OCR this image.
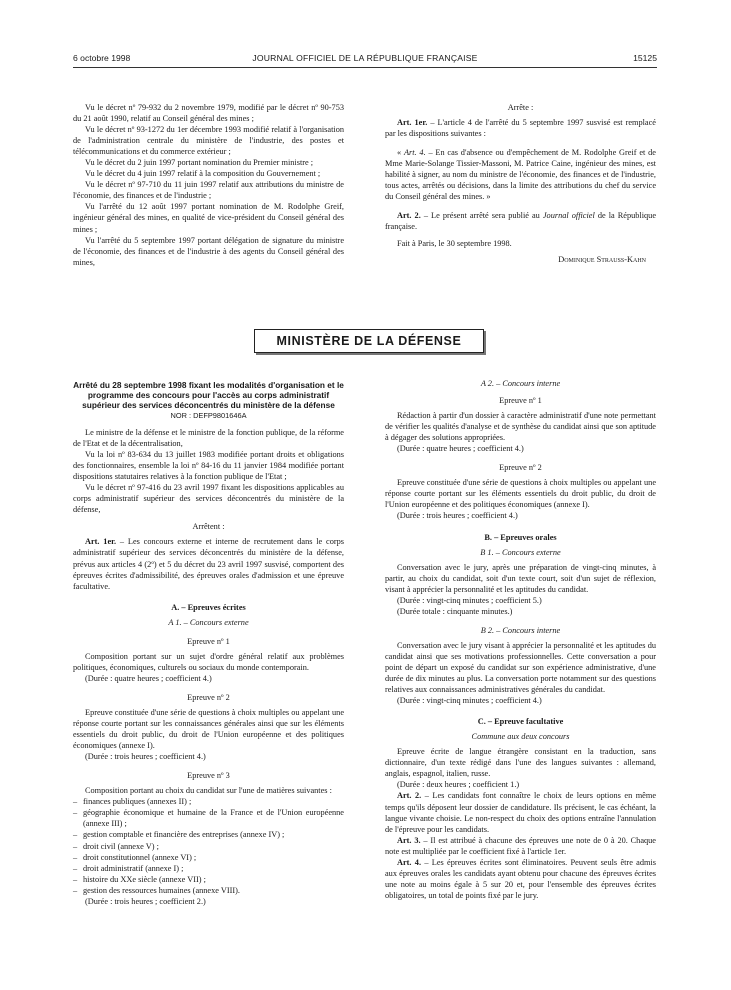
6 octobre 1998	JOURNAL OFFICIEL DE LA RÉPUBLIQUE FRANÇAISE	15125

Vu le décret nº 79-932 du 2 novembre 1979, modifié par le décret nº 90-753 du 21 août 1990, relatif au Conseil général des mines ;

Vu le décret nº 93-1272 du 1er décembre 1993 modifié relatif à l'organisation de l'administration centrale du ministère de l'industrie, des postes et télécommunications et du commerce extérieur ;

Vu le décret du 2 juin 1997 portant nomination du Premier ministre ;

Vu le décret du 4 juin 1997 relatif à la composition du Gouvernement ;

Vu le décret nº 97-710 du 11 juin 1997 relatif aux attributions du ministre de l'économie, des finances et de l'industrie ;

Vu l'arrêté du 12 août 1997 portant nomination de M. Rodolphe Greif, ingénieur général des mines, en qualité de vice-président du Conseil général des mines ;

Vu l'arrêté du 5 septembre 1997 portant délégation de signature du ministre de l'économie, des finances et de l'industrie à des agents du Conseil général des mines,

Arrête :

Art. 1er. – L'article 4 de l'arrêté du 5 septembre 1997 susvisé est remplacé par les dispositions suivantes :

« Art. 4. – En cas d'absence ou d'empêchement de M. Rodolphe Greif et de Mme Marie-Solange Tissier-Massoni, M. Patrice Caine, ingénieur des mines, est habilité à signer, au nom du ministre de l'économie, des finances et de l'industrie, tous actes, arrêtés ou décisions, dans la limite des attributions du chef du service du Conseil général des mines. »

Art. 2. – Le présent arrêté sera publié au Journal officiel de la République française.

Fait à Paris, le 30 septembre 1998.

Dominique Strauss-Kahn

MINISTÈRE DE LA DÉFENSE
Arrêté du 28 septembre 1998 fixant les modalités d'organisation et le programme des concours pour l'accès au corps administratif supérieur des services déconcentrés du ministère de la défense
NOR : DEFP9801646A

Le ministre de la défense et le ministre de la fonction publique, de la réforme de l'Etat et de la décentralisation,

Vu la loi nº 83-634 du 13 juillet 1983 modifiée portant droits et obligations des fonctionnaires, ensemble la loi nº 84-16 du 11 janvier 1984 modifiée portant dispositions statutaires relatives à la fonction publique de l'Etat ;

Vu le décret nº 97-416 du 23 avril 1997 fixant les dispositions applicables au corps administratif supérieur des services déconcentrés du ministère de la défense,

Arrêtent :

Art. 1er. – Les concours externe et interne de recrutement dans le corps administratif supérieur des services déconcentrés du ministère de la défense, prévus aux articles 4 (2º) et 5 du décret du 23 avril 1997 susvisé, comportent des épreuves écrites d'admissibilité, des épreuves orales d'admission et une épreuve facultative.

A. – Epreuves écrites

A 1. – Concours externe

Epreuve nº 1

Composition portant sur un sujet d'ordre général relatif aux problèmes politiques, économiques, culturels ou sociaux du monde contemporain.

(Durée : quatre heures ; coefficient 4.)

Epreuve nº 2

Epreuve constituée d'une série de questions à choix multiples ou appelant une réponse courte portant sur les connaissances générales ainsi que sur les éléments essentiels du droit public, du droit de l'Union européenne et des politiques économiques (annexe I).

(Durée : trois heures ; coefficient 4.)

Epreuve nº 3

Composition portant au choix du candidat sur l'une de matières suivantes :

– finances publiques (annexes II) ;
– géographie économique et humaine de la France et de l'Union européenne (annexe III) ;
– gestion comptable et financière des entreprises (annexe IV) ;
– droit civil (annexe V) ;
– droit constitutionnel (annexe VI) ;
– droit administratif (annexe I) ;
– histoire du XXe siècle (annexe VII) ;
– gestion des ressources humaines (annexe VIII).

(Durée : trois heures ; coefficient 2.)

A 2. – Concours interne

Epreuve nº 1

Rédaction à partir d'un dossier à caractère administratif d'une note permettant de vérifier les qualités d'analyse et de synthèse du candidat ainsi que son aptitude à dégager des solutions appropriées.

(Durée : quatre heures ; coefficient 4.)

Epreuve nº 2

Epreuve constituée d'une série de questions à choix multiples ou appelant une réponse courte portant sur les éléments essentiels du droit public, du droit de l'Union européenne et des politiques économiques (annexe I).

(Durée : trois heures ; coefficient 4.)

B. – Epreuves orales

B 1. – Concours externe

Conversation avec le jury, après une préparation de vingt-cinq minutes, à partir, au choix du candidat, soit d'un texte court, soit d'un sujet de réflexion, visant à apprécier la personnalité et les aptitudes du candidat.

(Durée : vingt-cinq minutes ; coefficient 5.)

(Durée totale : cinquante minutes.)

B 2. – Concours interne

Conversation avec le jury visant à apprécier la personnalité et les aptitudes du candidat ainsi que ses motivations professionnelles. Cette conversation a pour point de départ un exposé du candidat sur son expérience administrative, d'une durée de dix minutes au plus. La conversation porte notamment sur des questions relatives aux connaissances administratives générales du candidat.

(Durée : vingt-cinq minutes ; coefficient 4.)

C. – Epreuve facultative

Commune aux deux concours

Epreuve écrite de langue étrangère consistant en la traduction, sans dictionnaire, d'un texte rédigé dans l'une des langues suivantes : allemand, anglais, espagnol, italien, russe.

(Durée : deux heures ; coefficient 1.)

Art. 2. – Les candidats font connaître le choix de leurs options en même temps qu'ils déposent leur dossier de candidature. Ils précisent, le cas échéant, la langue vivante choisie. Le non-respect du choix des options entraîne l'annulation de l'épreuve pour les candidats.

Art. 3. – Il est attribué à chacune des épreuves une note de 0 à 20. Chaque note est multipliée par le coefficient fixé à l'article 1er.

Art. 4. – Les épreuves écrites sont éliminatoires. Peuvent seuls être admis aux épreuves orales les candidats ayant obtenu pour chacune des épreuves écrites une note au moins égale à 5 sur 20 et, pour l'ensemble des épreuves écrites obligatoires, un total de points fixé par le jury.
